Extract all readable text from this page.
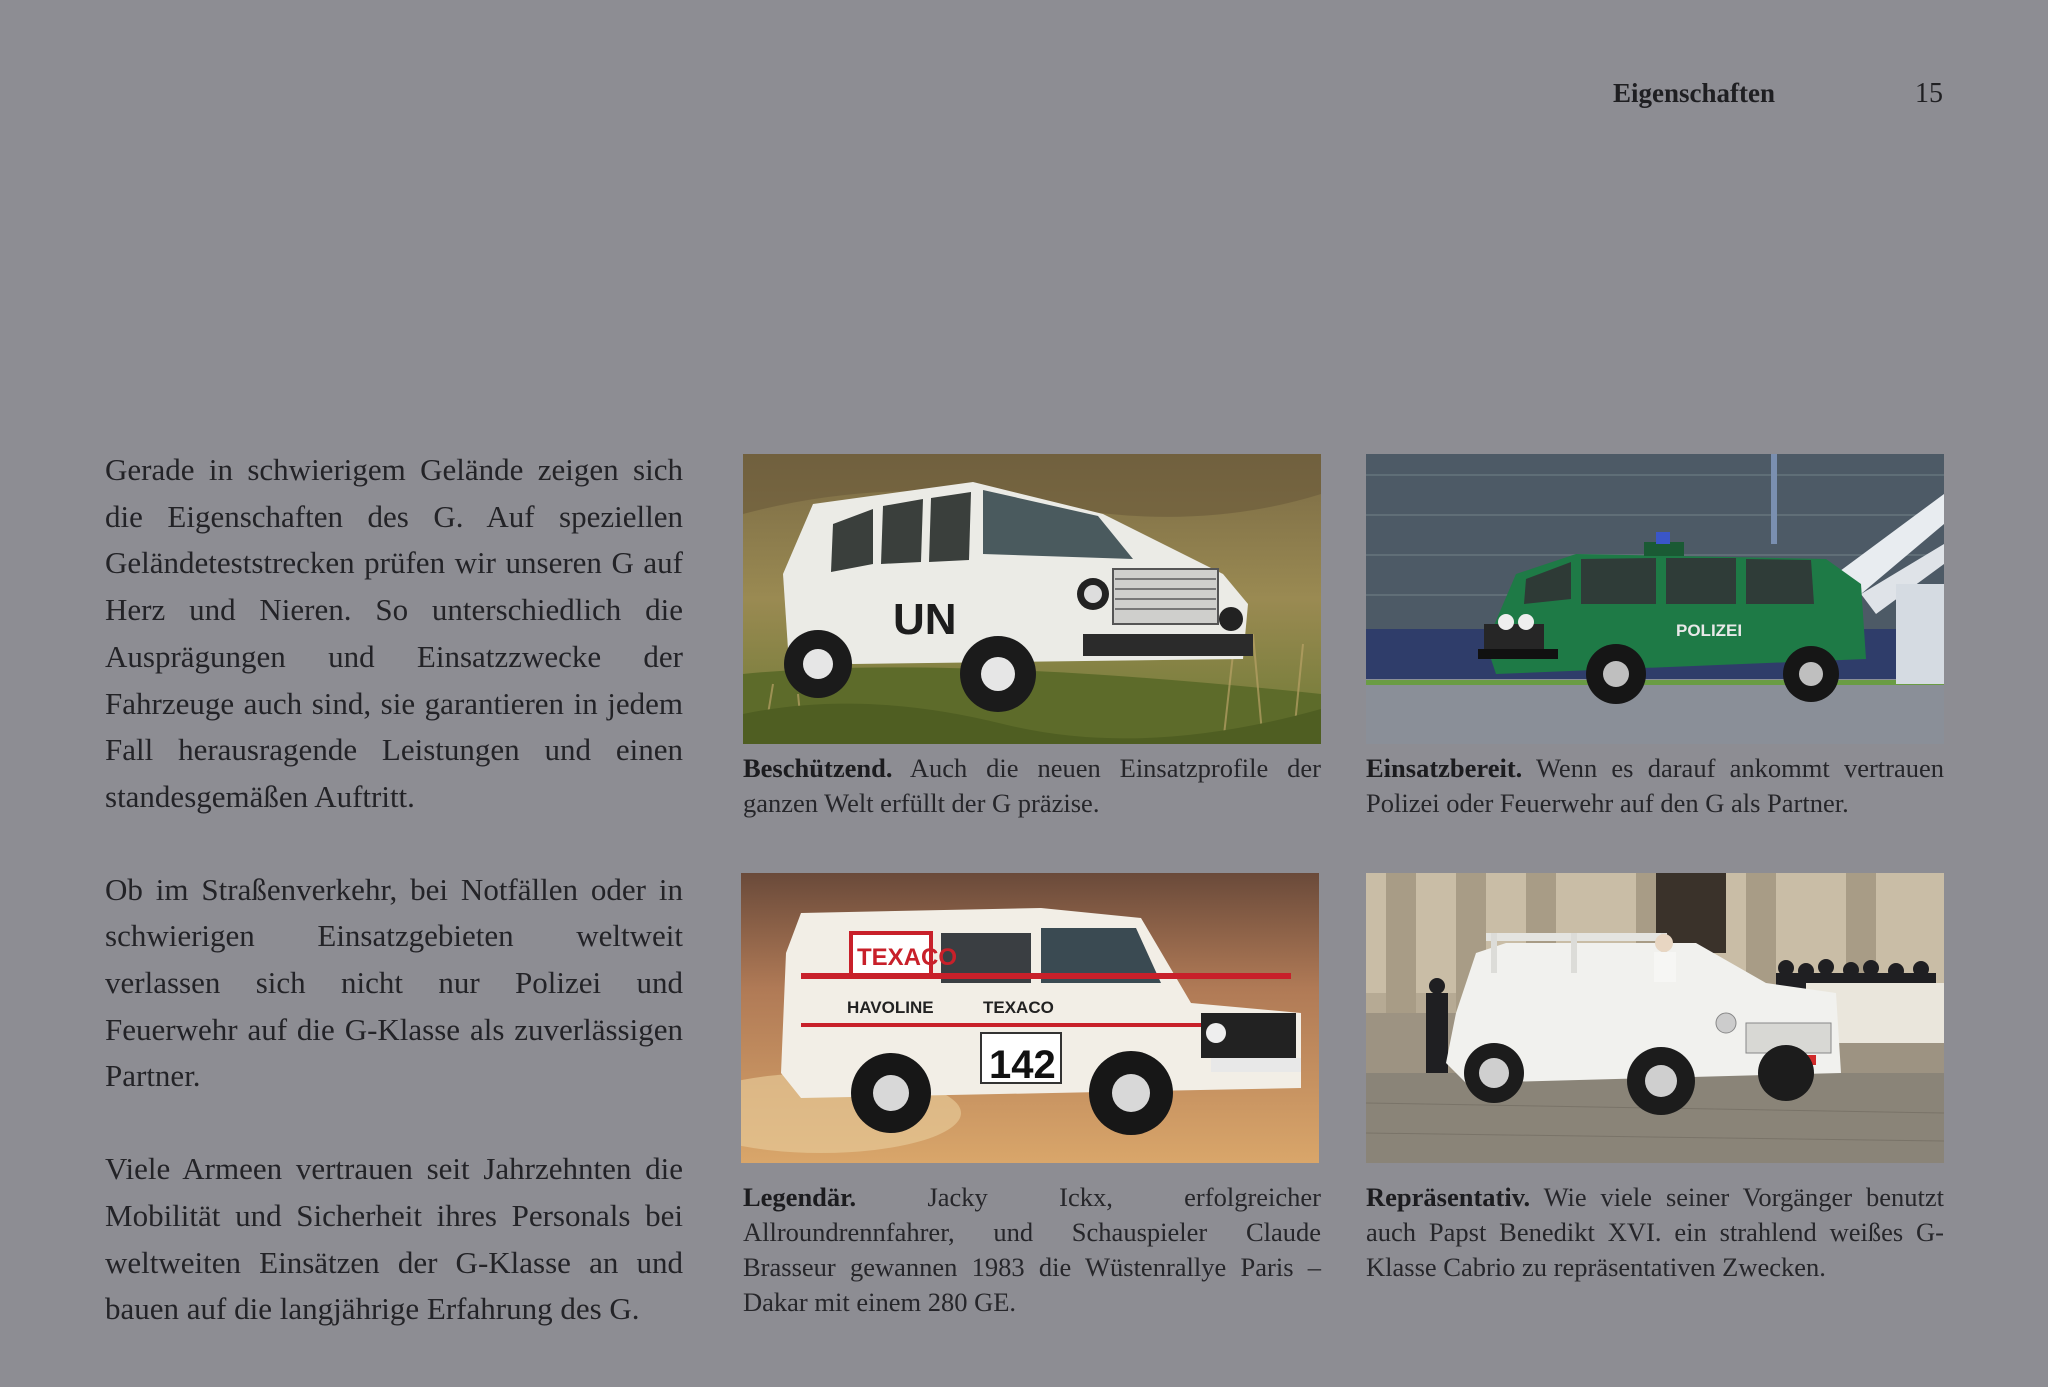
Eigenschaften	15

Gerade in schwierigem Gelände zeigen sich die Eigenschaften des G. Auf speziellen Geländeteststrecken prüfen wir unseren G auf Herz und Nieren. So unterschiedlich die Ausprägungen und Einsatzzwecke der Fahrzeuge auch sind, sie garantieren in jedem Fall herausragende Leistungen und einen standesgemäßen Auftritt.

Ob im Straßenverkehr, bei Notfällen oder in schwierigen Einsatzgebieten weltweit verlassen sich nicht nur Polizei und Feuerwehr auf die G-Klasse als zuverlässigen Partner.

Viele Armeen vertrauen seit Jahrzehnten die Mobilität und Sicherheit ihres Personals bei weltweiten Einsätzen der G-Klasse an und bauen auf die langjährige Erfahrung des G.

UN	POLIZEI
TEXACO
HAVOLINE	TEXACO
142

Beschützend. Auch die neuen Einsatzprofile der ganzen Welt erfüllt der G präzise.

Einsatzbereit. Wenn es darauf ankommt vertrauen Polizei oder Feuerwehr auf den G als Partner.

Legendär. Jacky Ickx, erfolgreicher Allroundrennfahrer, und Schauspieler Claude Brasseur gewannen 1983 die Wüstenrallye Paris – Dakar mit einem 280 GE.

Repräsentativ. Wie viele seiner Vorgänger benutzt auch Papst Benedikt XVI. ein strahlend weißes G-Klasse Cabrio zu repräsentativen Zwecken.
